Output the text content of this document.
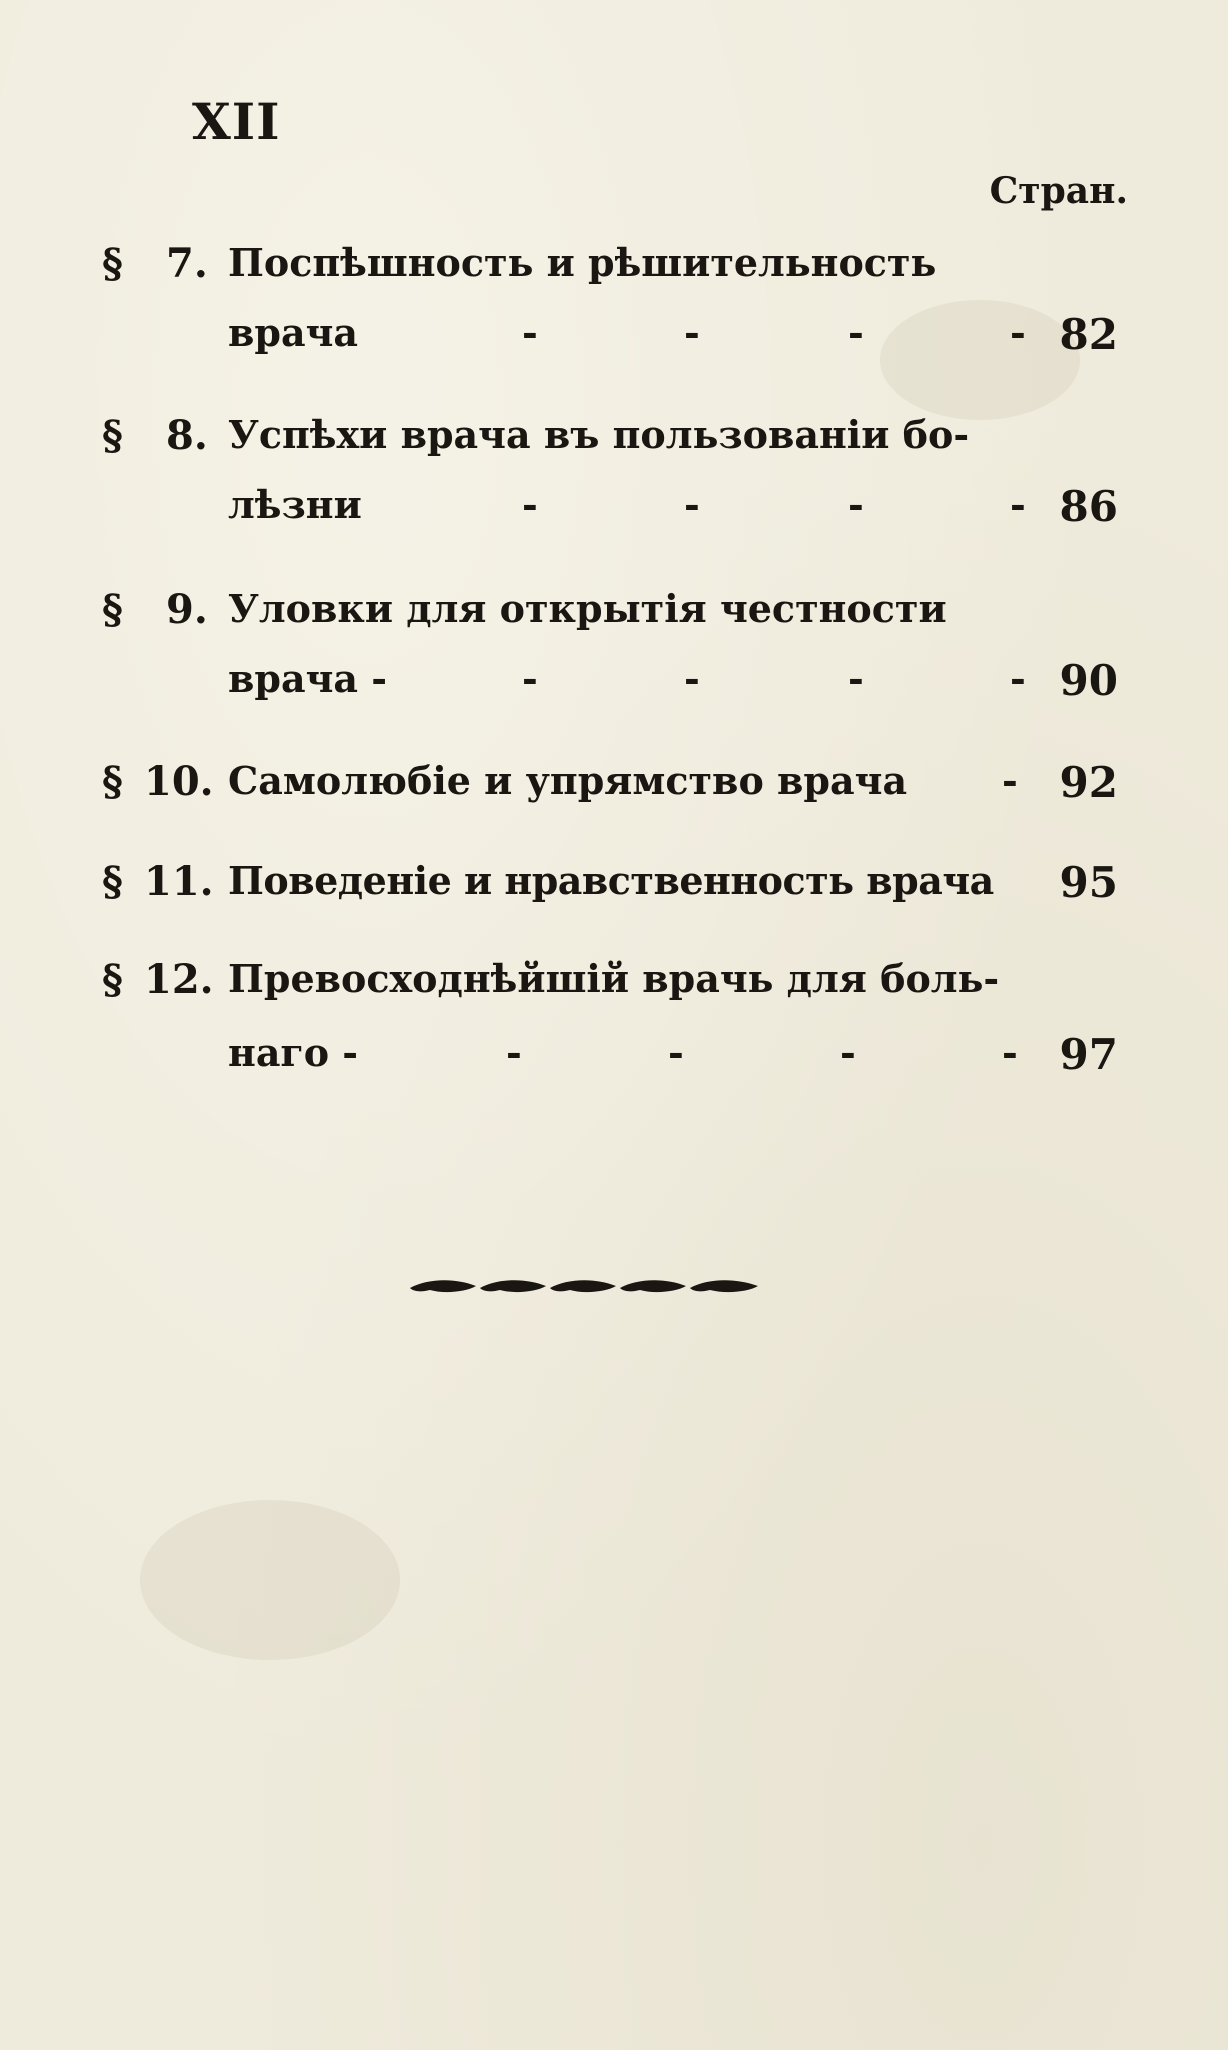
XII
Стран.
§ 7. Поспѣшность и рѣшительность
врача	-	-	-	- 82
§ 8. Успѣхи врача въ пользованіи бо-
лѣзни	-	-	-	- 86
§ 9. Уловки для открытія честности
врача -	-	-	-	- 90
§ 10. Самолюбіе и упрямство врача - 92
§ 11. Поведеніе и нравственность врача 95
§ 12. Превосходнѣйшій врачь для боль-
наго -	-	-	-	- 97
